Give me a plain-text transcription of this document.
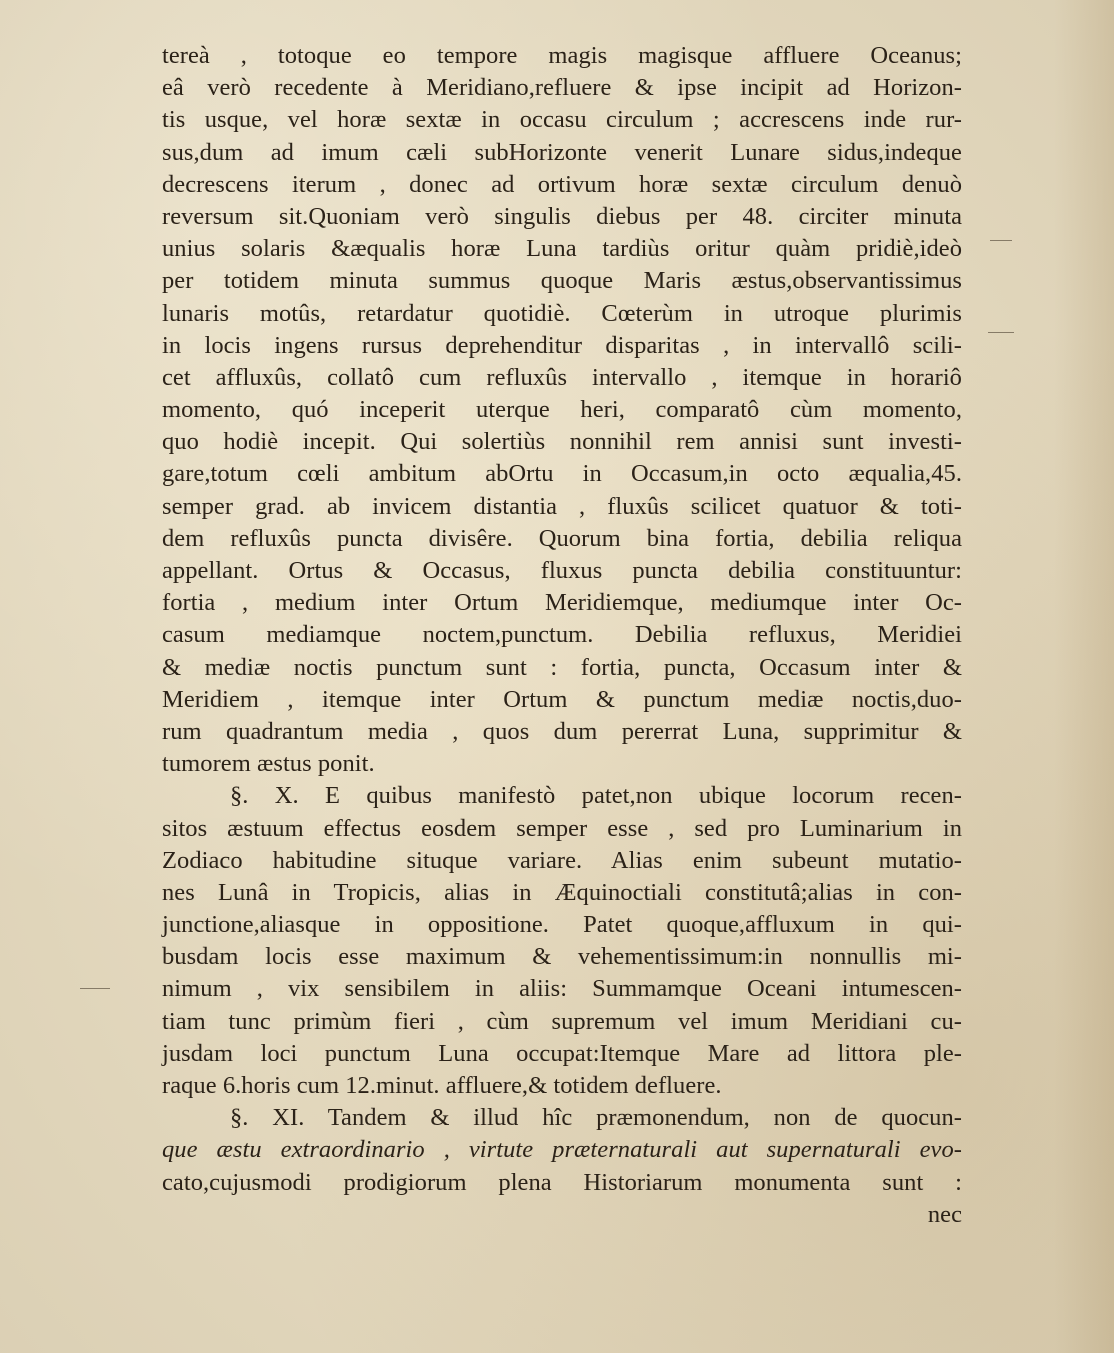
tereà , totoque eo tempore magis magisque affluere Oceanus;
eâ verò recedente à Meridiano,refluere & ipse incipit ad Horizon-
tis usque, vel horæ sextæ in occasu circulum ; accrescens inde rur-
sus,dum ad imum cæli subHorizonte venerit Lunare sidus,indeque
decrescens iterum , donec ad ortivum horæ sextæ circulum denuò
reversum sit.Quoniam verò singulis diebus per 48. circiter minuta
unius solaris &æqualis horæ Luna tardiùs oritur quàm pridiè,ideò
per totidem minuta summus quoque Maris æstus,observantissimus
lunaris motûs, retardatur quotidiè. Cœterùm in utroque plurimis
in locis ingens rursus deprehenditur disparitas , in intervallô scili-
cet affluxûs, collatô cum refluxûs intervallo , itemque in horariô
momento, quó inceperit uterque heri, comparatô cùm momento,
quo hodiè incepit. Qui solertiùs nonnihil rem annisi sunt investi-
gare,totum cœli ambitum abOrtu in Occasum,in octo æqualia,45.
semper grad. ab invicem distantia , fluxûs scilicet quatuor & toti-
dem refluxûs puncta divisêre. Quorum bina fortia, debilia reliqua
appellant. Ortus & Occasus, fluxus puncta debilia constituuntur:
fortia , medium inter Ortum Meridiemque, mediumque inter Oc-
casum mediamque noctem,punctum. Debilia refluxus, Meridiei
& mediæ noctis punctum sunt : fortia, puncta, Occasum inter &
Meridiem , itemque inter Ortum & punctum mediæ noctis,duo-
rum quadrantum media , quos dum pererrat Luna, supprimitur &
tumorem æstus ponit.
§. X. E quibus manifestò patet,non ubique locorum recen-
sitos æstuum effectus eosdem semper esse , sed pro Luminarium in
Zodiaco habitudine situque variare. Alias enim subeunt mutatio-
nes Lunâ in Tropicis, alias in Æquinoctiali constitutâ;alias in con-
junctione,aliasque in oppositione. Patet quoque,affluxum in qui-
busdam locis esse maximum & vehementissimum:in nonnullis mi-
nimum , vix sensibilem in aliis: Summamque Oceani intumescen-
tiam tunc primùm fieri , cùm supremum vel imum Meridiani cu-
jusdam loci punctum Luna occupat:Itemque Mare ad littora ple-
raque 6.horis cum 12.minut. affluere,& totidem defluere.
§. XI. Tandem & illud hîc præmonendum, non de quocun-
que æstu extraordinario , virtute præternaturali aut supernaturali evo-
cato,cujusmodi prodigiorum plena Historiarum monumenta sunt :
nec
